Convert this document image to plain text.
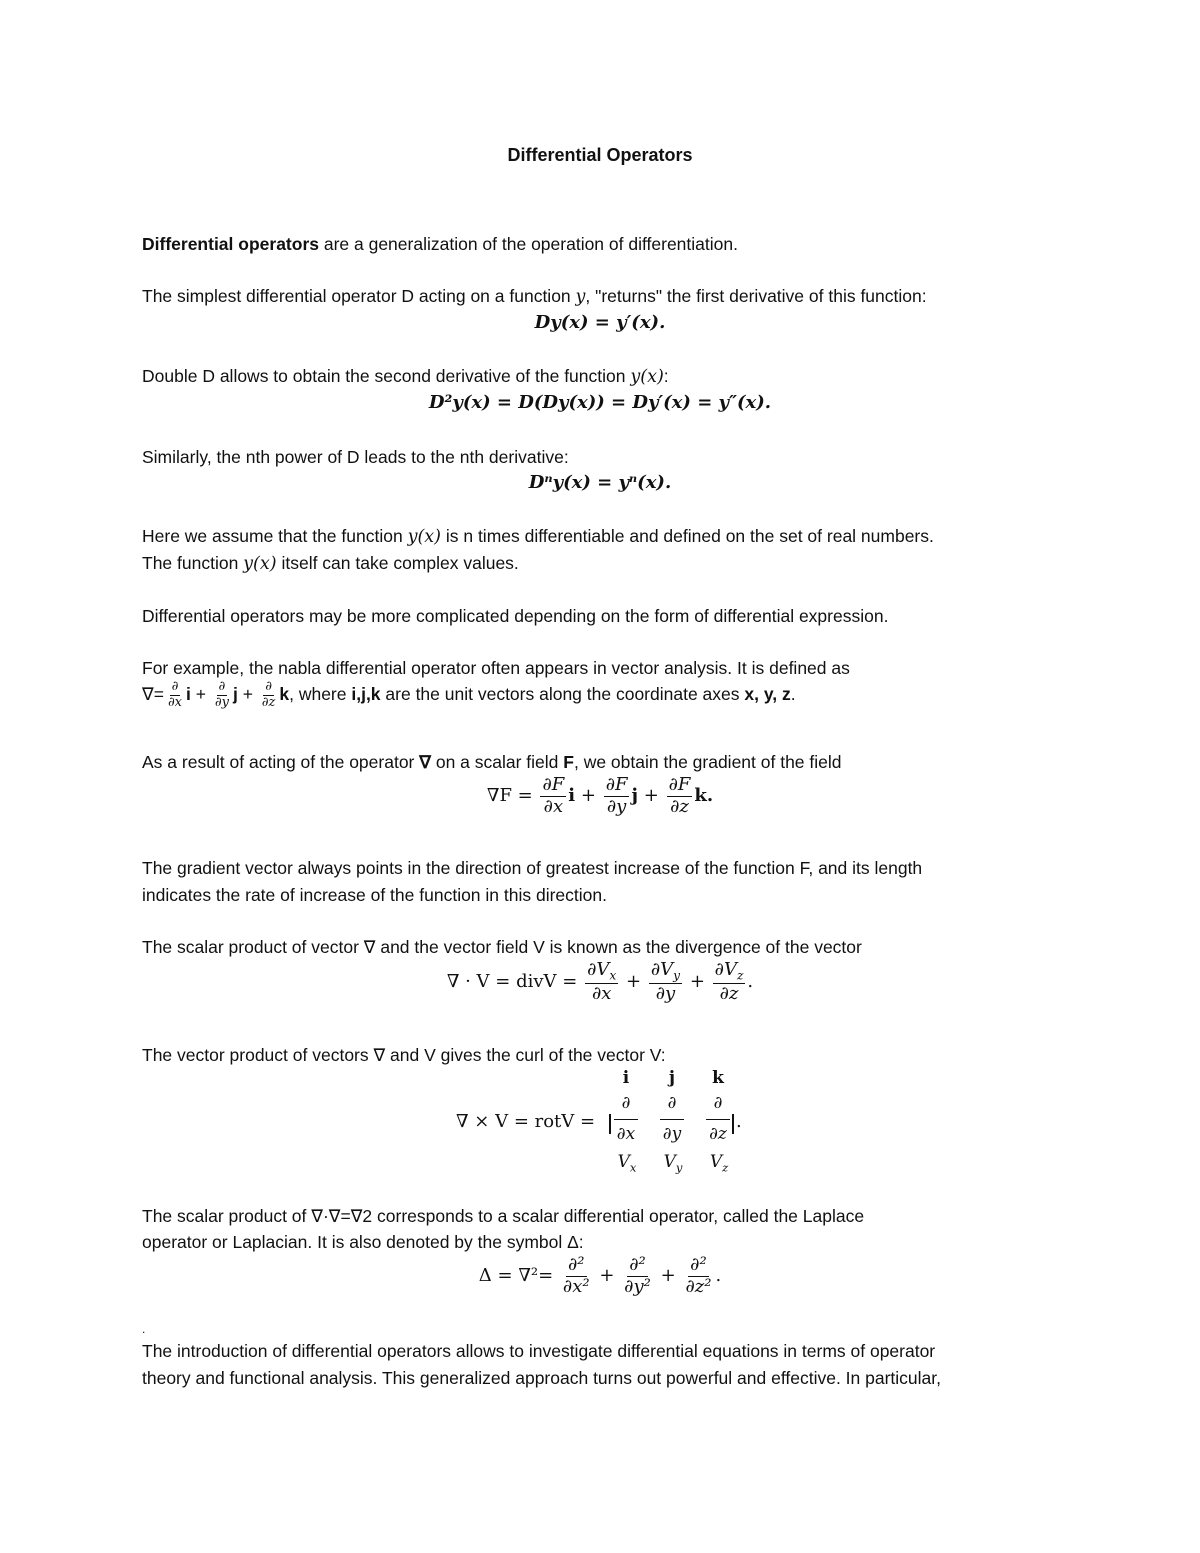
Differential Operators
Differential operators are a generalization of the operation of differentiation.
The simplest differential operator D acting on a function y, "returns" the first derivative of this function:
Dy(x) = y′(x).
Double D allows to obtain the second derivative of the function y(x):
D²y(x) = D(Dy(x)) = Dy′(x) = y″(x).
Similarly, the nth power of D leads to the nth derivative:
Dⁿy(x) = yⁿ(x).
Here we assume that the function y(x) is n times differentiable and defined on the set of real numbers.
The function y(x) itself can take complex values.
Differential operators may be more complicated depending on the form of differential expression.
For example, the nabla differential operator often appears in vector analysis. It is defined as
∇= $\frac{\partial}{\partial x}$ $i + \frac{\partial}{\partial y}$ $j + \frac{\partial}{\partial z} k$, where i,j,k are the unit vectors along the coordinate axes x, y, z.
As a result of acting of the operator ∇ on a scalar field F, we obtain the gradient of the field
$\nabla F = \frac{\partial F}{\partial x}$ $i + \frac{\partial F}{\partial y}$ $j + \frac{\partial F}{\partial z} k$.
The gradient vector always points in the direction of greatest increase of the function F, and its length
indicates the rate of increase of the function in this direction.
The scalar product of vector ∇ and the vector field V is known as the divergence of the vector
∇ · V = divV = $\frac{\partial V_x}{\partial x} + \frac{\partial V_y}{\partial y} + \frac{\partial V_z}{\partial z}$ .
The vector product of vectors ∇ and V gives the curl of the vector V:
∇ × V = rotV =
i	j	k
∂	∂	∂
∂x	∂y	∂z
.
$V_x$	$V_y$	$V_z$
The scalar product of ∇·∇=∇2 corresponds to a scalar differential operator, called the Laplace
operator or Laplacian. It is also denoted by the symbol Δ:
$\Delta = \nabla^2= \frac{\text{∂²}}{\text{∂x²}} + \frac{\text{∂²}}{\text{∂y²}} + \frac{\text{∂²}}{\text{∂z²}}$ .
.
The introduction of differential operators allows to investigate differential equations in terms of operator
theory and functional analysis. This generalized approach turns out powerful and effective. In particular,
